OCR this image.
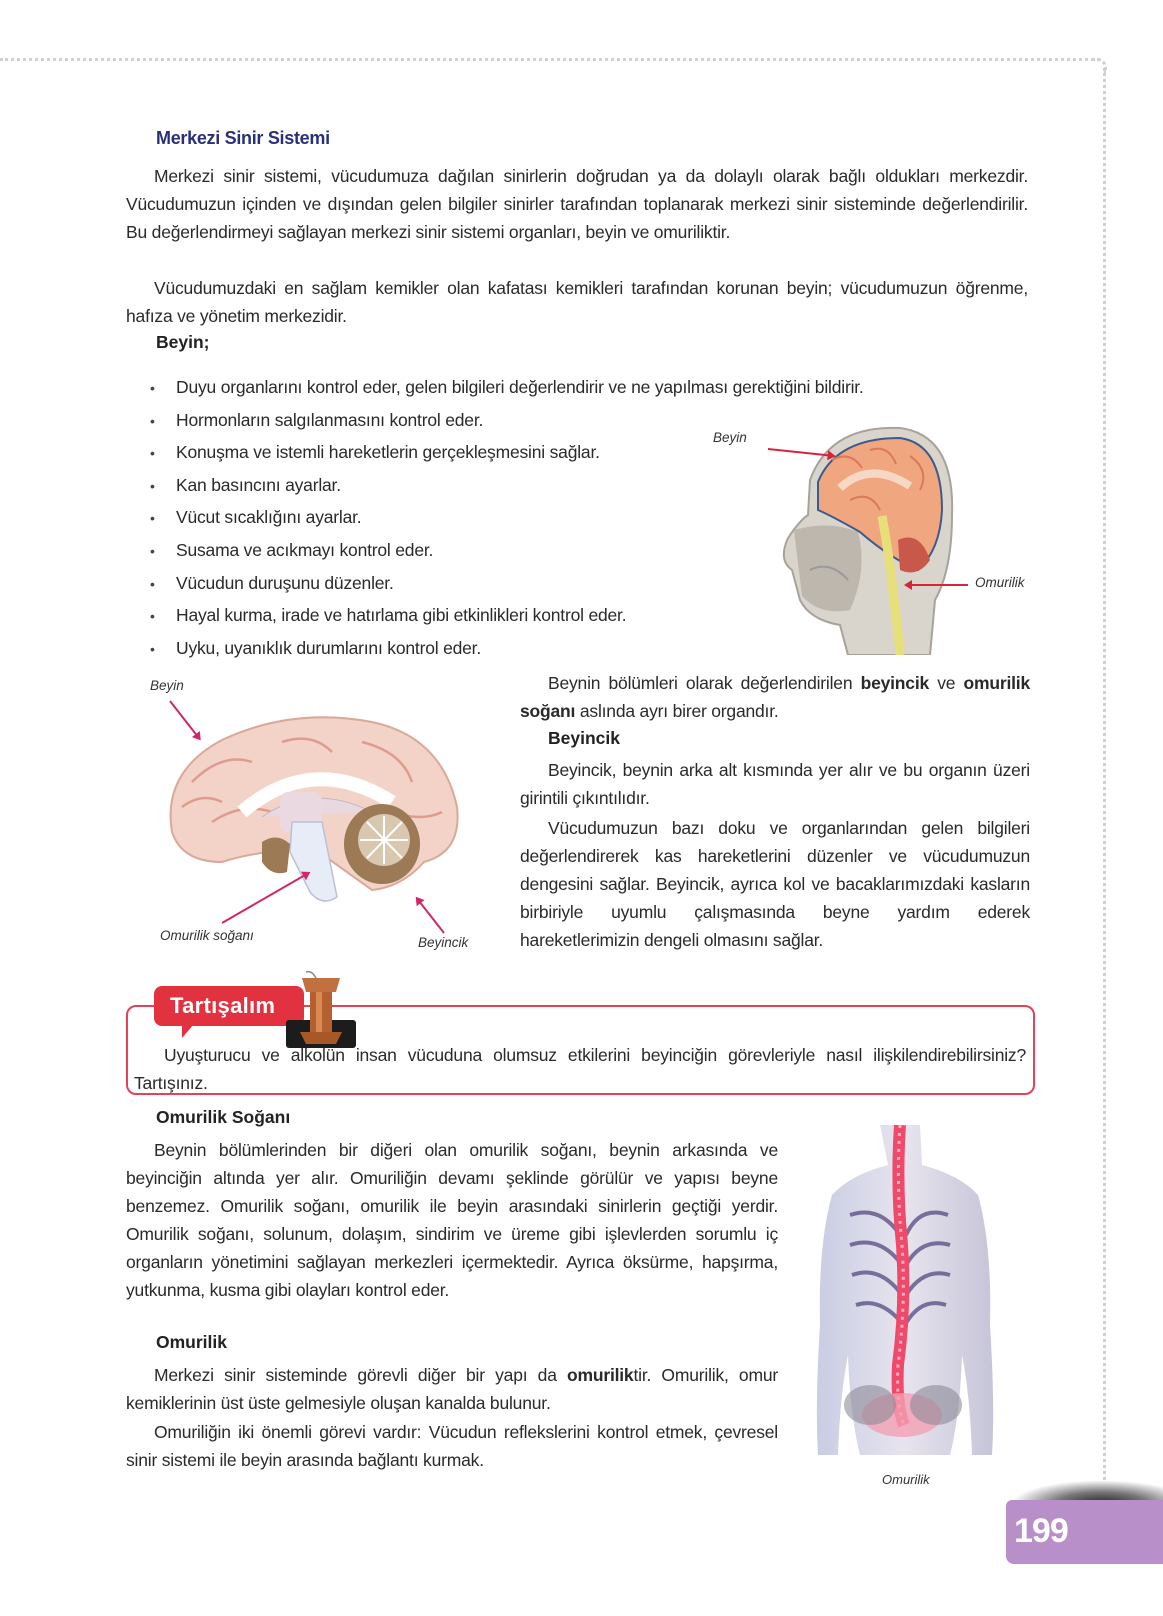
Merkezi Sinir Sistemi
Merkezi sinir sistemi, vücudumuza dağılan sinirlerin doğrudan ya da dolaylı olarak bağlı oldukları merkezdir. Vücudumuzun içinden ve dışından gelen bilgiler sinirler tarafından toplanarak merkezi sinir sisteminde değerlendirilir. Bu değerlendirmeyi sağlayan merkezi sinir sistemi organları, beyin ve omuriliktir.
Vücudumuzdaki en sağlam kemikler olan kafatası kemikleri tarafından korunan beyin; vücudumuzun öğrenme, hafıza ve yönetim merkezidir.
Beyin;
• Duyu organlarını kontrol eder, gelen bilgileri değerlendirir ve ne yapılması gerektiğini bildirir.
• Hormonların salgılanmasını kontrol eder.
• Konuşma ve istemli hareketlerin gerçekleşmesini sağlar.
• Kan basıncını ayarlar.
• Vücut sıcaklığını ayarlar.
• Susama ve acıkmayı kontrol eder.
• Vücudun duruşunu düzenler.
• Hayal kurma, irade ve hatırlama gibi etkinlikleri kontrol eder.
• Uyku, uyanıklık durumlarını kontrol eder.
Beyin
Omurilik
Beyin
Omurilik soğanı	Beyincik
Beynin bölümleri olarak değerlendirilen beyincik ve omurilik soğanı aslında ayrı birer organdır.
Beyincik
Beyincik, beynin arka alt kısmında yer alır ve bu organın üzeri girintili çıkıntılıdır.
Vücudumuzun bazı doku ve organlarından gelen bilgileri değerlendirerek kas hareketlerini düzenler ve vücudumuzun dengesini sağlar. Beyincik, ayrıca kol ve bacaklarımızdaki kasların birbiriyle uyumlu çalışmasında beyne yardım ederek hareketlerimizin dengeli olmasını sağlar.
Tartışalım
Uyuşturucu ve alkolün insan vücuduna olumsuz etkilerini beyinciğin görevleriyle nasıl ilişkilendirebilirsiniz? Tartışınız.
Omurilik Soğanı
Beynin bölümlerinden bir diğeri olan omurilik soğanı, beynin arkasında ve beyinciğin altında yer alır. Omuriliğin devamı şeklinde görülür ve yapısı beyne benzemez. Omurilik soğanı, omurilik ile beyin arasındaki sinirlerin geçtiği yerdir. Omurilik soğanı, solunum, dolaşım, sindirim ve üreme gibi işlevlerden sorumlu iç organların yönetimini sağlayan merkezleri içermektedir. Ayrıca öksürme, hapşırma, yutkunma, kusma gibi olayları kontrol eder.
Omurilik
Merkezi sinir sisteminde görevli diğer bir yapı da omuriliktir. Omurilik, omur kemiklerinin üst üste gelmesiyle oluşan kanalda bulunur.
Omuriliğin iki önemli görevi vardır: Vücudun reflekslerini kontrol etmek, çevresel sinir sistemi ile beyin arasında bağlantı kurmak.
Omurilik
199
